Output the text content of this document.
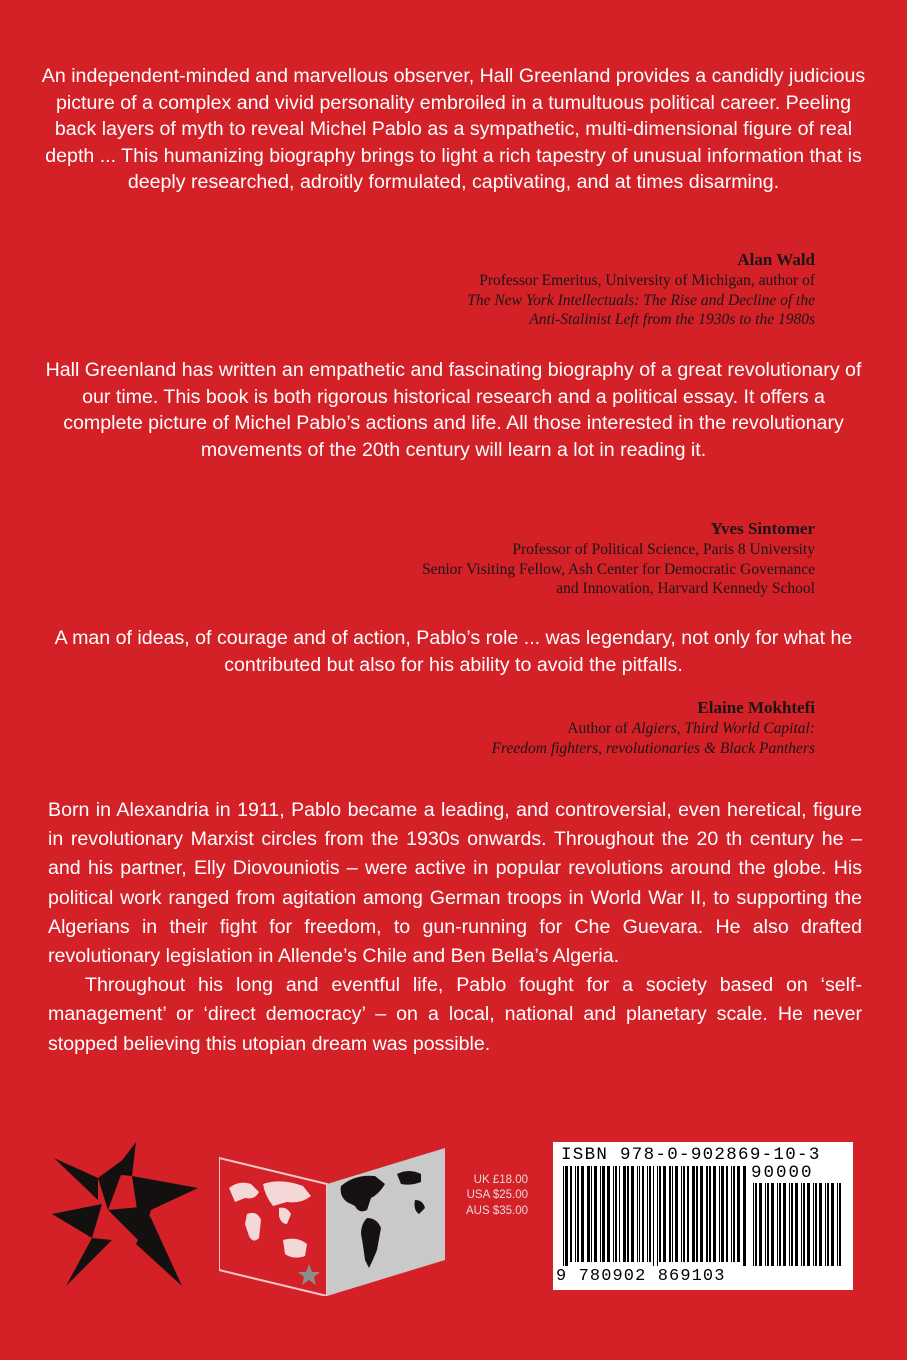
An independent-minded and marvellous observer, Hall Greenland provides a candidly judicious picture of a complex and vivid personality embroiled in a tumultuous political career. Peeling back layers of myth to reveal Michel Pablo as a sympathetic, multi-dimensional figure of real depth ... This humanizing biography brings to light a rich tapestry of unusual information that is deeply researched, adroitly formulated, captivating, and at times disarming.

Alan Wald
Professor Emeritus, University of Michigan, author of
The New York Intellectuals: The Rise and Decline of the
Anti-Stalinist Left from the 1930s to the 1980s

Hall Greenland has written an empathetic and fascinating biography of a great revolutionary of our time. This book is both rigorous historical research and a political essay. It offers a complete picture of Michel Pablo’s actions and life. All those interested in the revolutionary movements of the 20th century will learn a lot in reading it.

Yves Sintomer
Professor of Political Science, Paris 8 University
Senior Visiting Fellow, Ash Center for Democratic Governance
and Innovation, Harvard Kennedy School

A man of ideas, of courage and of action, Pablo’s role ... was legendary, not only for what he contributed but also for his ability to avoid the pitfalls.

Elaine Mokhtefi
Author of Algiers, Third World Capital:
Freedom fighters, revolutionaries & Black Panthers

Born in Alexandria in 1911, Pablo became a leading, and controversial, even heretical, figure in revolutionary Marxist circles from the 1930s onwards. Throughout the 20 th century he – and his partner, Elly Diovouniotis – were active in popular revolutions around the globe. His political work ranged from agitation among German troops in World War II, to supporting the Algerians in their fight for freedom, to gun-running for Che Guevara. He also drafted revolutionary legislation in Allende’s Chile and Ben Bella’s Algeria.

Throughout his long and eventful life, Pablo fought for a society based on ‘self-management’ or ‘direct democracy’ – on a local, national and planetary scale. He never stopped believing this utopian dream was possible.

UK £18.00
USA $25.00
AUS $35.00
ISBN 978-0-902869-10-3
90000
9 780902 869103
